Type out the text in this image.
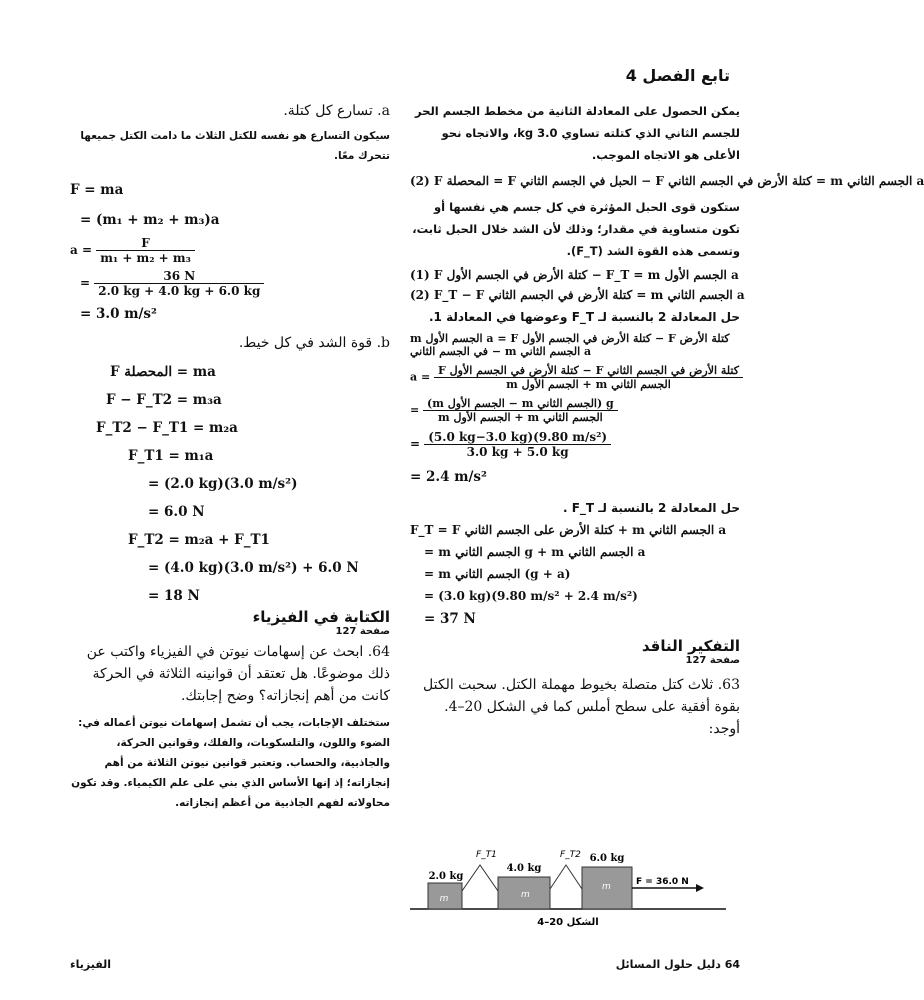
تابع الفصل 4
يمكن الحصول على المعادلة الثانية من مخطط الجسم الحر للجسم الثاني الذي كتلته تساوي 3.0 kg، والاتجاه نحو الأعلى هو الاتجاه الموجب.
(2) F المحصلة = F الحبل في الجسم الثاني − F كتلة الأرض في الجسم الثاني = m الجسم الثاني a
ستكون قوى الحبل المؤثرة في كل جسم هي نفسها أو تكون متساوية في مقدار؛ وذلك لأن الشد خلال الحبل ثابت، وتسمى هذه القوة الشد (F_T).
(1) F كتلة الأرض في الجسم الأول − F_T = m الجسم الأول a
(2) F_T − F كتلة الأرض في الجسم الثاني = m الجسم الثاني a
حل المعادلة 2 بالنسبة لـ F_T وعوضها في المعادلة 1.
m الجسم الأول a = F كتلة الأرض في الجسم الأول − F كتلة الأرض في الجسم الثاني − m الجسم الثاني a
$a = \frac{\text{F كتلة الأرض في الجسم الأول − F كتلة الأرض في الجسم الثاني}}{\text{m الجسم الأول + m الجسم الثاني}}$
= $\frac{\text{(m الجسم الأول − m الجسم الثاني) g}}{\text{m الجسم الأول + m الجسم الثاني}}$
= $\frac{\text{(5.0 kg−3.0 kg)(9.80 m/s²)}}{3.0 kg + 5.0 kg}$
= 2.4 m/s²
حل المعادلة 2 بالنسبة لـ F_T .
F_T = F كتلة الأرض على الجسم الثاني + m الجسم الثاني a
= m الجسم الثاني g + m الجسم الثاني a
= m الجسم الثاني (g + a)
= (3.0 kg)(9.80 m/s² + 2.4 m/s²)
= 37 N
التفكير الناقد
صفحة 127
63. ثلاث كتل متصلة بخيوط مهملة الكتل. سحبت الكتل بقوة أفقية على سطح أملس كما في الشكل 20–4. أوجد:
m
2.0 kg
F_T1
m
4.0 kg
F_T2
m
6.0 kg
F = 36.0 N
الشكل 20–4
a. تسارع كل كتلة.
سيكون التسارع هو نفسه للكتل الثلاث ما دامت الكتل جميعها تتحرك معًا.
F = ma
= (m₁ + m₂ + m₃)a
$a = \frac{F}{\text{m₁ + m₂ + m₃}}$
= $\frac{36 N}{2.0 kg + 4.0 kg + 6.0 kg}$
= 3.0 m/s²
b. قوة الشد في كل خيط.
F المحصلة = ma
F − F_T2 = m₃a
F_T2 − F_T1 = m₂a
F_T1 = m₁a
= (2.0 kg)(3.0 m/s²)
= 6.0 N
F_T2 = m₂a + F_T1
= (4.0 kg)(3.0 m/s²) + 6.0 N
= 18 N
الكتابة في الفيزياء
صفحة 127
64. ابحث عن إسهامات نيوتن في الفيزياء واكتب عن ذلك موضوعًا. هل تعتقد أن قوانينه الثلاثة في الحركة كانت من أهم إنجازاته؟ وضح إجابتك.
ستختلف الإجابات، يجب أن تشمل إسهامات نيوتن أعماله في: الضوء واللون، والتلسكوبات، والفلك، وقوانين الحركة، والجاذبية، والحساب. وتعتبر قوانين نيوتن الثلاثة من أهم إنجازاته؛ إذ إنها الأساس الذي بني على علم الكيمياء. وقد تكون محاولاته لفهم الجاذبية من أعظم إنجازاته.
64 دليل حلول المسائل
الفيزياء
